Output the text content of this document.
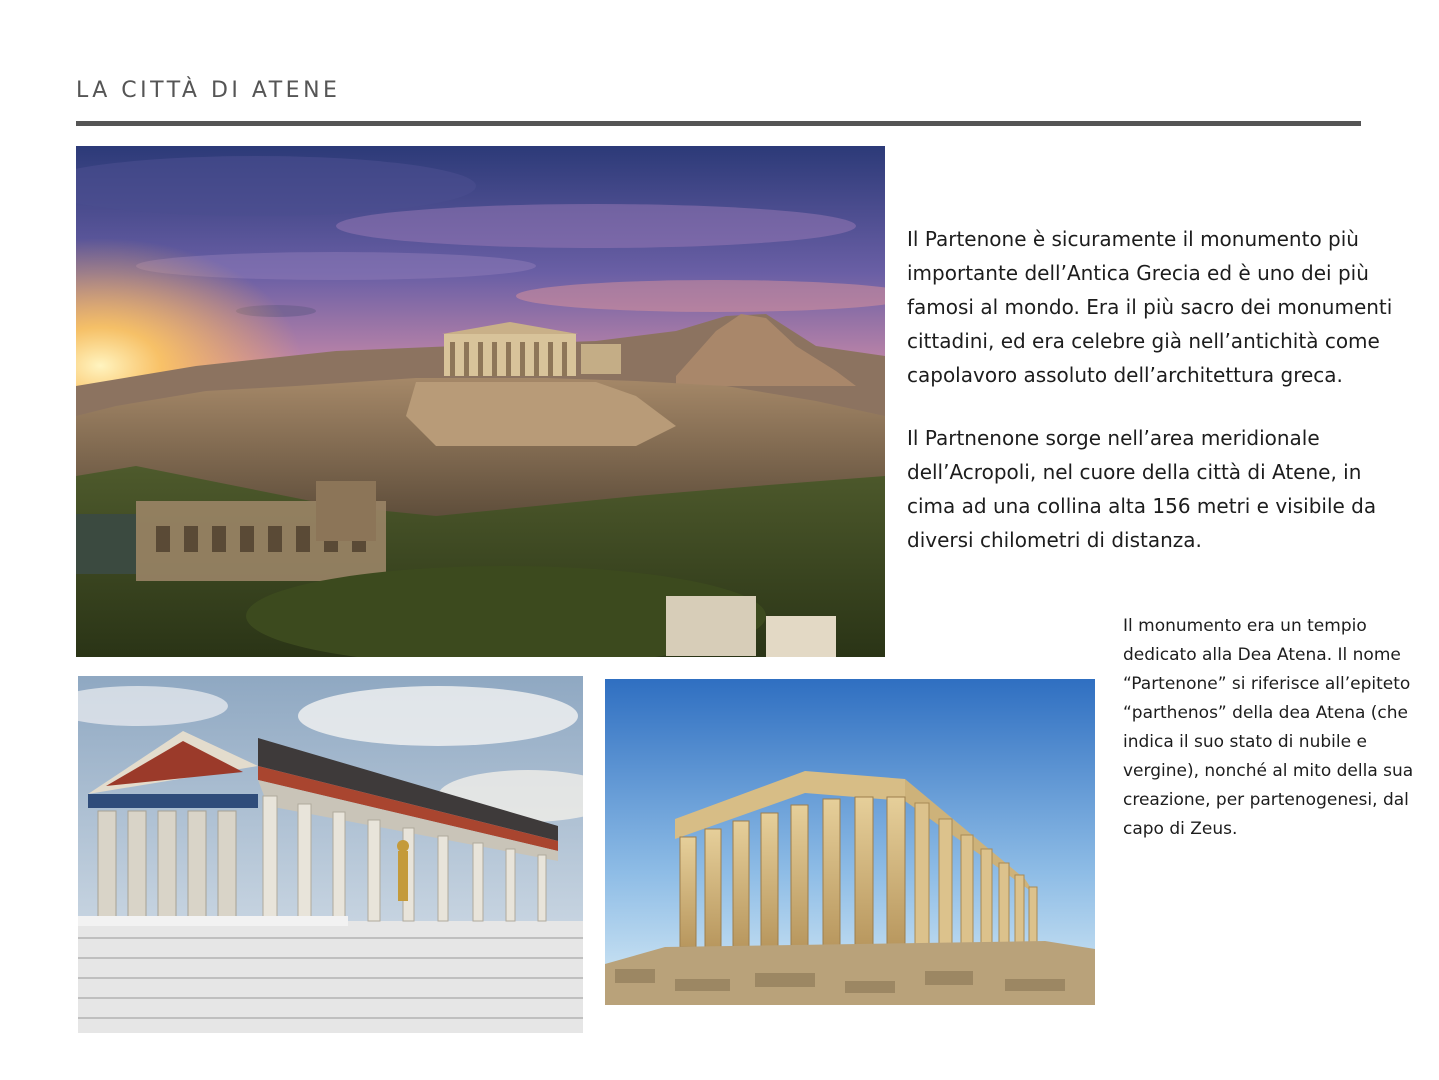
LA CITTÀ DI ATENE

Il Partenone è sicuramente il monumento più importante dell’Antica Grecia ed è uno dei più famosi al mondo. Era il più sacro dei monumenti cittadini, ed era celebre già nell’antichità come capolavoro assoluto dell’architettura greca.

Il Partnenone sorge nell’area meridionale dell’Acropoli, nel cuore della città di Atene, in cima ad una collina alta 156 metri e visibile da diversi chilometri di distanza.

Il monumento era un tempio dedicato alla Dea Atena. Il nome “Partenone” si riferisce all’epiteto “parthenos” della dea Atena (che indica il suo stato di nubile e vergine), nonché al mito della sua creazione, per partenogenesi, dal capo di Zeus.
